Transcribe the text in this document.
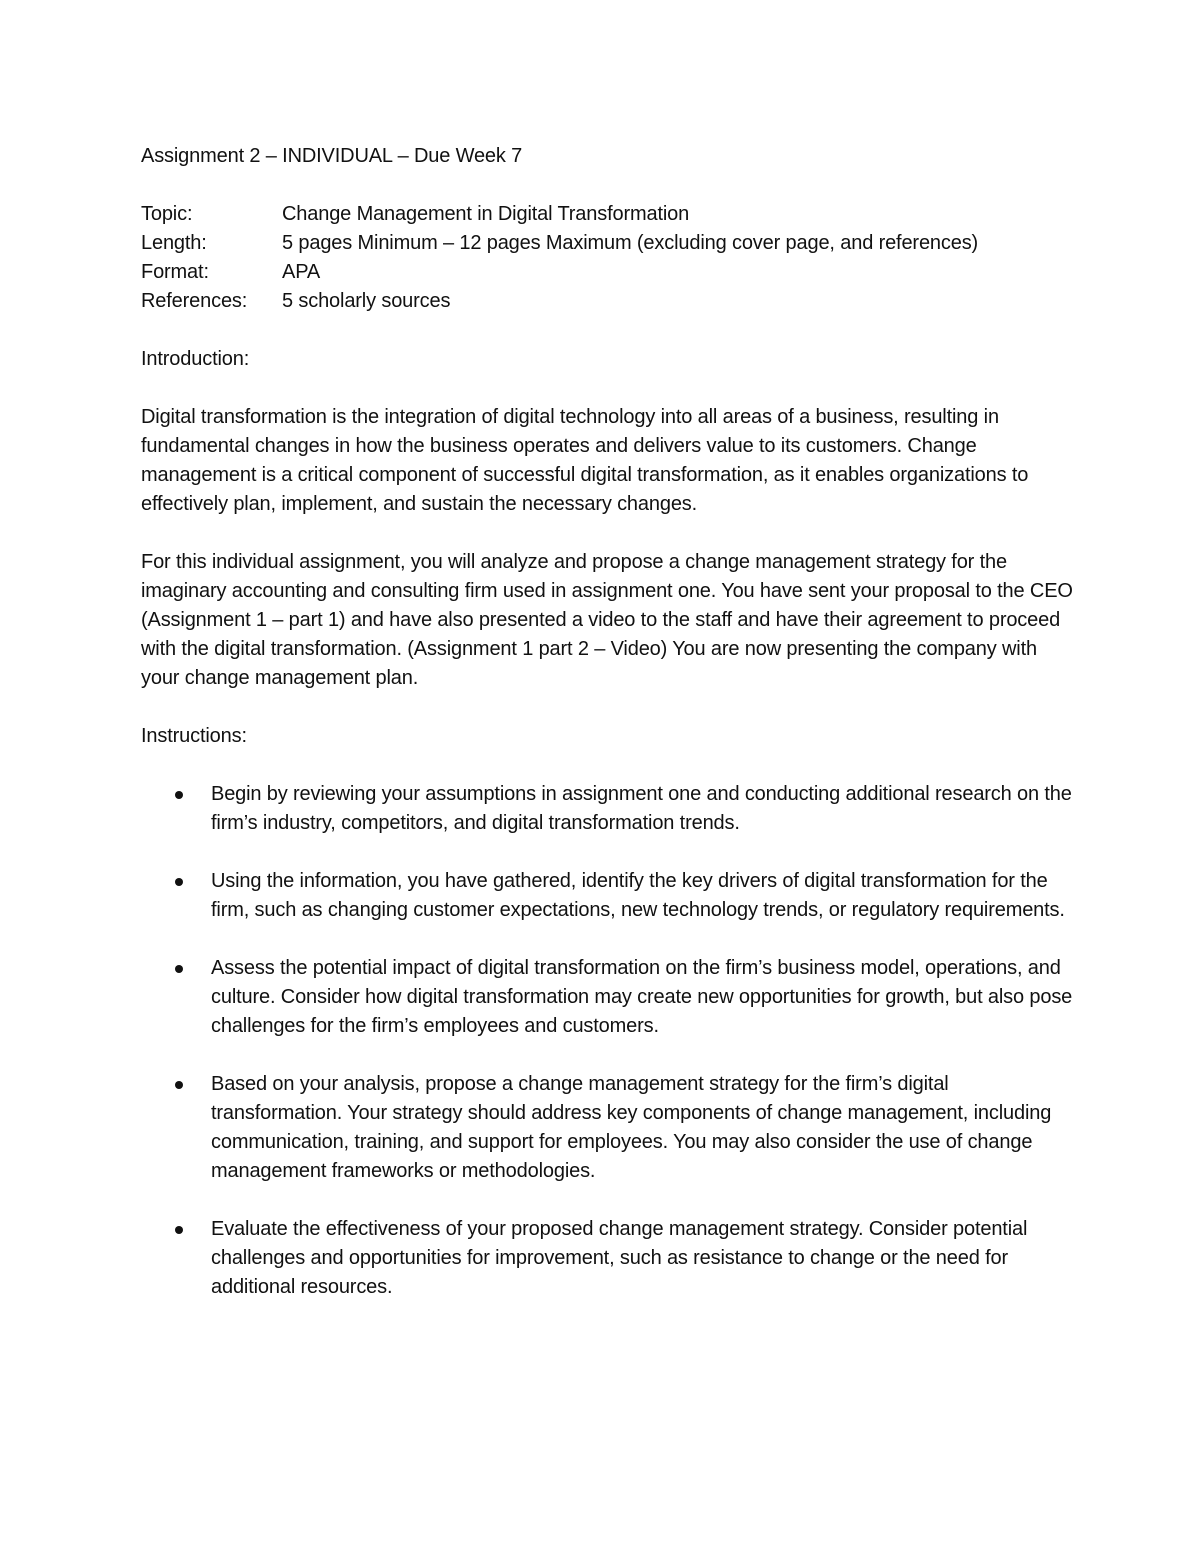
Assignment 2 – INDIVIDUAL – Due Week 7

Topic:	Change Management in Digital Transformation
Length:	5 pages Minimum – 12 pages Maximum (excluding cover page, and references)
Format:	APA
References:	5 scholarly sources

Introduction:

Digital transformation is the integration of digital technology into all areas of a business, resulting in fundamental changes in how the business operates and delivers value to its customers. Change management is a critical component of successful digital transformation, as it enables organizations to effectively plan, implement, and sustain the necessary changes.

For this individual assignment, you will analyze and propose a change management strategy for the imaginary accounting and consulting firm used in assignment one. You have sent your proposal to the CEO (Assignment 1 – part 1) and have also presented a video to the staff and have their agreement to proceed with the digital transformation. (Assignment 1 part 2 – Video) You are now presenting the company with your change management plan.

Instructions:

Begin by reviewing your assumptions in assignment one and conducting additional research on the firm’s industry, competitors, and digital transformation trends.
Using the information, you have gathered, identify the key drivers of digital transformation for the firm, such as changing customer expectations, new technology trends, or regulatory requirements.
Assess the potential impact of digital transformation on the firm’s business model, operations, and culture. Consider how digital transformation may create new opportunities for growth, but also pose challenges for the firm’s employees and customers.
Based on your analysis, propose a change management strategy for the firm’s digital transformation. Your strategy should address key components of change management, including communication, training, and support for employees. You may also consider the use of change management frameworks or methodologies.
Evaluate the effectiveness of your proposed change management strategy. Consider potential challenges and opportunities for improvement, such as resistance to change or the need for additional resources.
